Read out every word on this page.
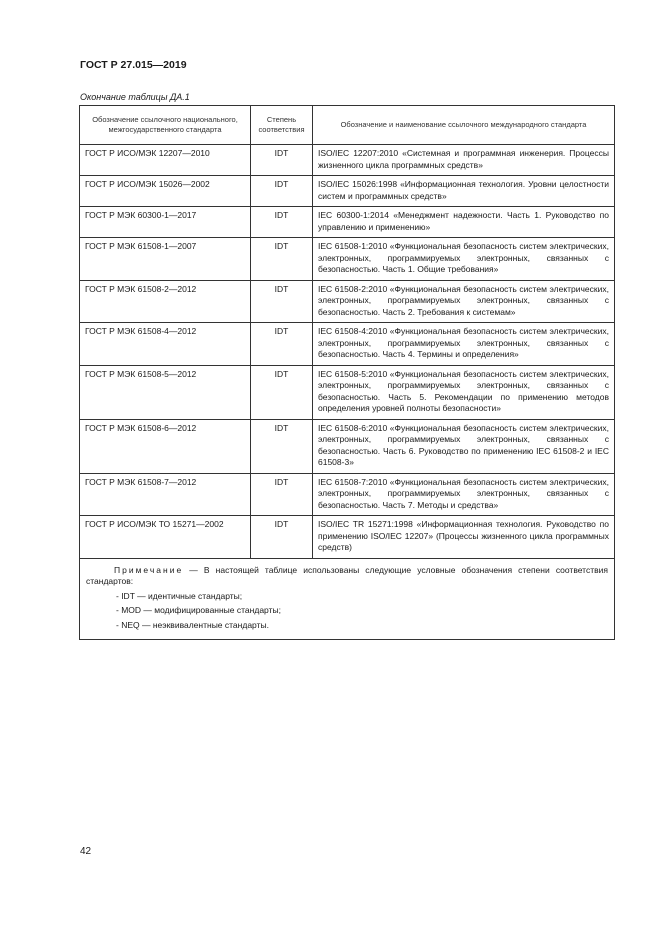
ГОСТ Р 27.015—2019
Окончание таблицы ДА.1
Обозначение ссылочного национального, межгосударственного стандарта	Степень соответствия	Обозначение и наименование ссылочного международного стандарта
ГОСТ Р ИСО/МЭК 12207—2010	IDT	ISO/IEC 12207:2010 «Системная и программная инженерия. Процессы жизненного цикла программных средств»
ГОСТ Р ИСО/МЭК 15026—2002	IDT	ISO/IEC 15026:1998 «Информационная технология. Уровни целостности систем и программных средств»
ГОСТ Р МЭК 60300-1—2017	IDT	IEC 60300-1:2014 «Менеджмент надежности. Часть 1. Руководство по управлению и применению»
ГОСТ Р МЭК 61508-1—2007	IDT	IEC 61508-1:2010 «Функциональная безопасность систем электрических, электронных, программируемых электронных, связанных с безопасностью. Часть 1. Общие требования»
ГОСТ Р МЭК 61508-2—2012	IDT	IEC 61508-2:2010 «Функциональная безопасность систем электрических, электронных, программируемых электронных, связанных с безопасностью. Часть 2. Требования к системам»
ГОСТ Р МЭК 61508-4—2012	IDT	IEC 61508-4:2010 «Функциональная безопасность систем электрических, электронных, программируемых электронных, связанных с безопасностью. Часть 4. Термины и определения»
ГОСТ Р МЭК 61508-5—2012	IDT	IEC 61508-5:2010 «Функциональная безопасность систем электрических, электронных, программируемых электронных, связанных с безопасностью. Часть 5. Рекомендации по применению методов определения уровней полноты безопасности»
ГОСТ Р МЭК 61508-6—2012	IDT	IEC 61508-6:2010 «Функциональная безопасность систем электрических, электронных, программируемых электронных, связанных с безопасностью. Часть 6. Руководство по применению IEC 61508-2 и IEC 61508-3»
ГОСТ Р МЭК 61508-7—2012	IDT	IEC 61508-7:2010 «Функциональная безопасность систем электрических, электронных, программируемых электронных, связанных с безопасностью. Часть 7. Методы и средства»
ГОСТ Р ИСО/МЭК ТО 15271—2002	IDT	ISO/IEC TR 15271:1998 «Информационная технология. Руководство по применению ISO/IEC 12207» (Процессы жизненного цикла программных средств)

Примечание — В настоящей таблице использованы следующие условные обозначения степени соответствия стандартов:
- IDT — идентичные стандарты;
- MOD — модифицированные стандарты;
- NEQ — неэквивалентные стандарты.		
42
